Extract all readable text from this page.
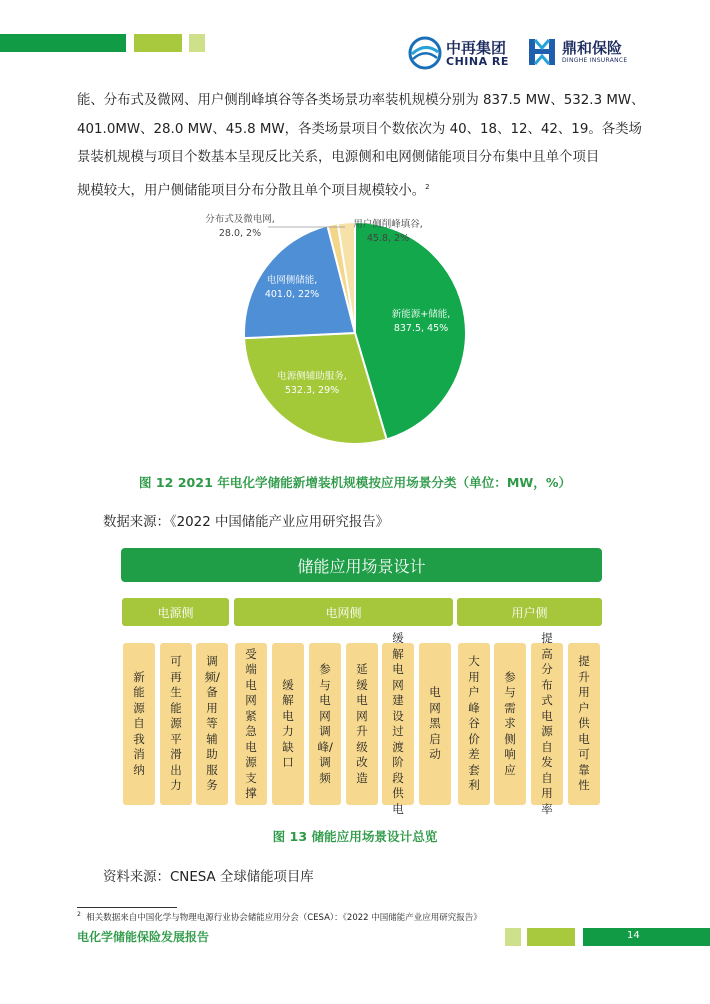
中再集团
CHINA RE
鼎和保险
DINGHE INSURANCE
能、分布式及微网、用户侧削峰填谷等各类场景功率装机规模分别为 837.5 MW、532.3 MW、
401.0MW、28.0 MW、45.8 MW，各类场景项目个数依次为 40、18、12、42、19。各类场
景装机规模与项目个数基本呈现反比关系，电源侧和电网侧储能项目分布集中且单个项目
规模较大，用户侧储能项目分布分散且单个项目规模较小。$^2$
新能源+储能,
837.5, 45%
电源侧辅助服务,
532.3, 29%
电网侧储能,
401.0, 22%
分布式及微电网,
28.0, 2%
用户侧削峰填谷,
45.8, 2%
图 12 2021 年电化学储能新增装机规模按应用场景分类（单位：MW，%）
数据来源：《2022 中国储能产业应用研究报告》
储能应用场景设计
电源侧	电网侧	用户侧
新能源自我消纳
可再生能源平滑出力
调频/备用等辅助服务
受端电网紧急电源支撑
缓解电力缺口
参与电网调峰/调频
延缓电网升级改造
缓解电网建设过渡阶段供电
电网黑启动
大用户峰谷价差套利
参与需求侧响应
提高分布式电源自发自用率
提升用户供电可靠性
图 13 储能应用场景设计总览
资料来源：CNESA 全球储能项目库
$^2$ 相关数据来自中国化学与物理电源行业协会储能应用分会（CESA）：《2022 中国储能产业应用研究报告》
电化学储能保险发展报告	14
